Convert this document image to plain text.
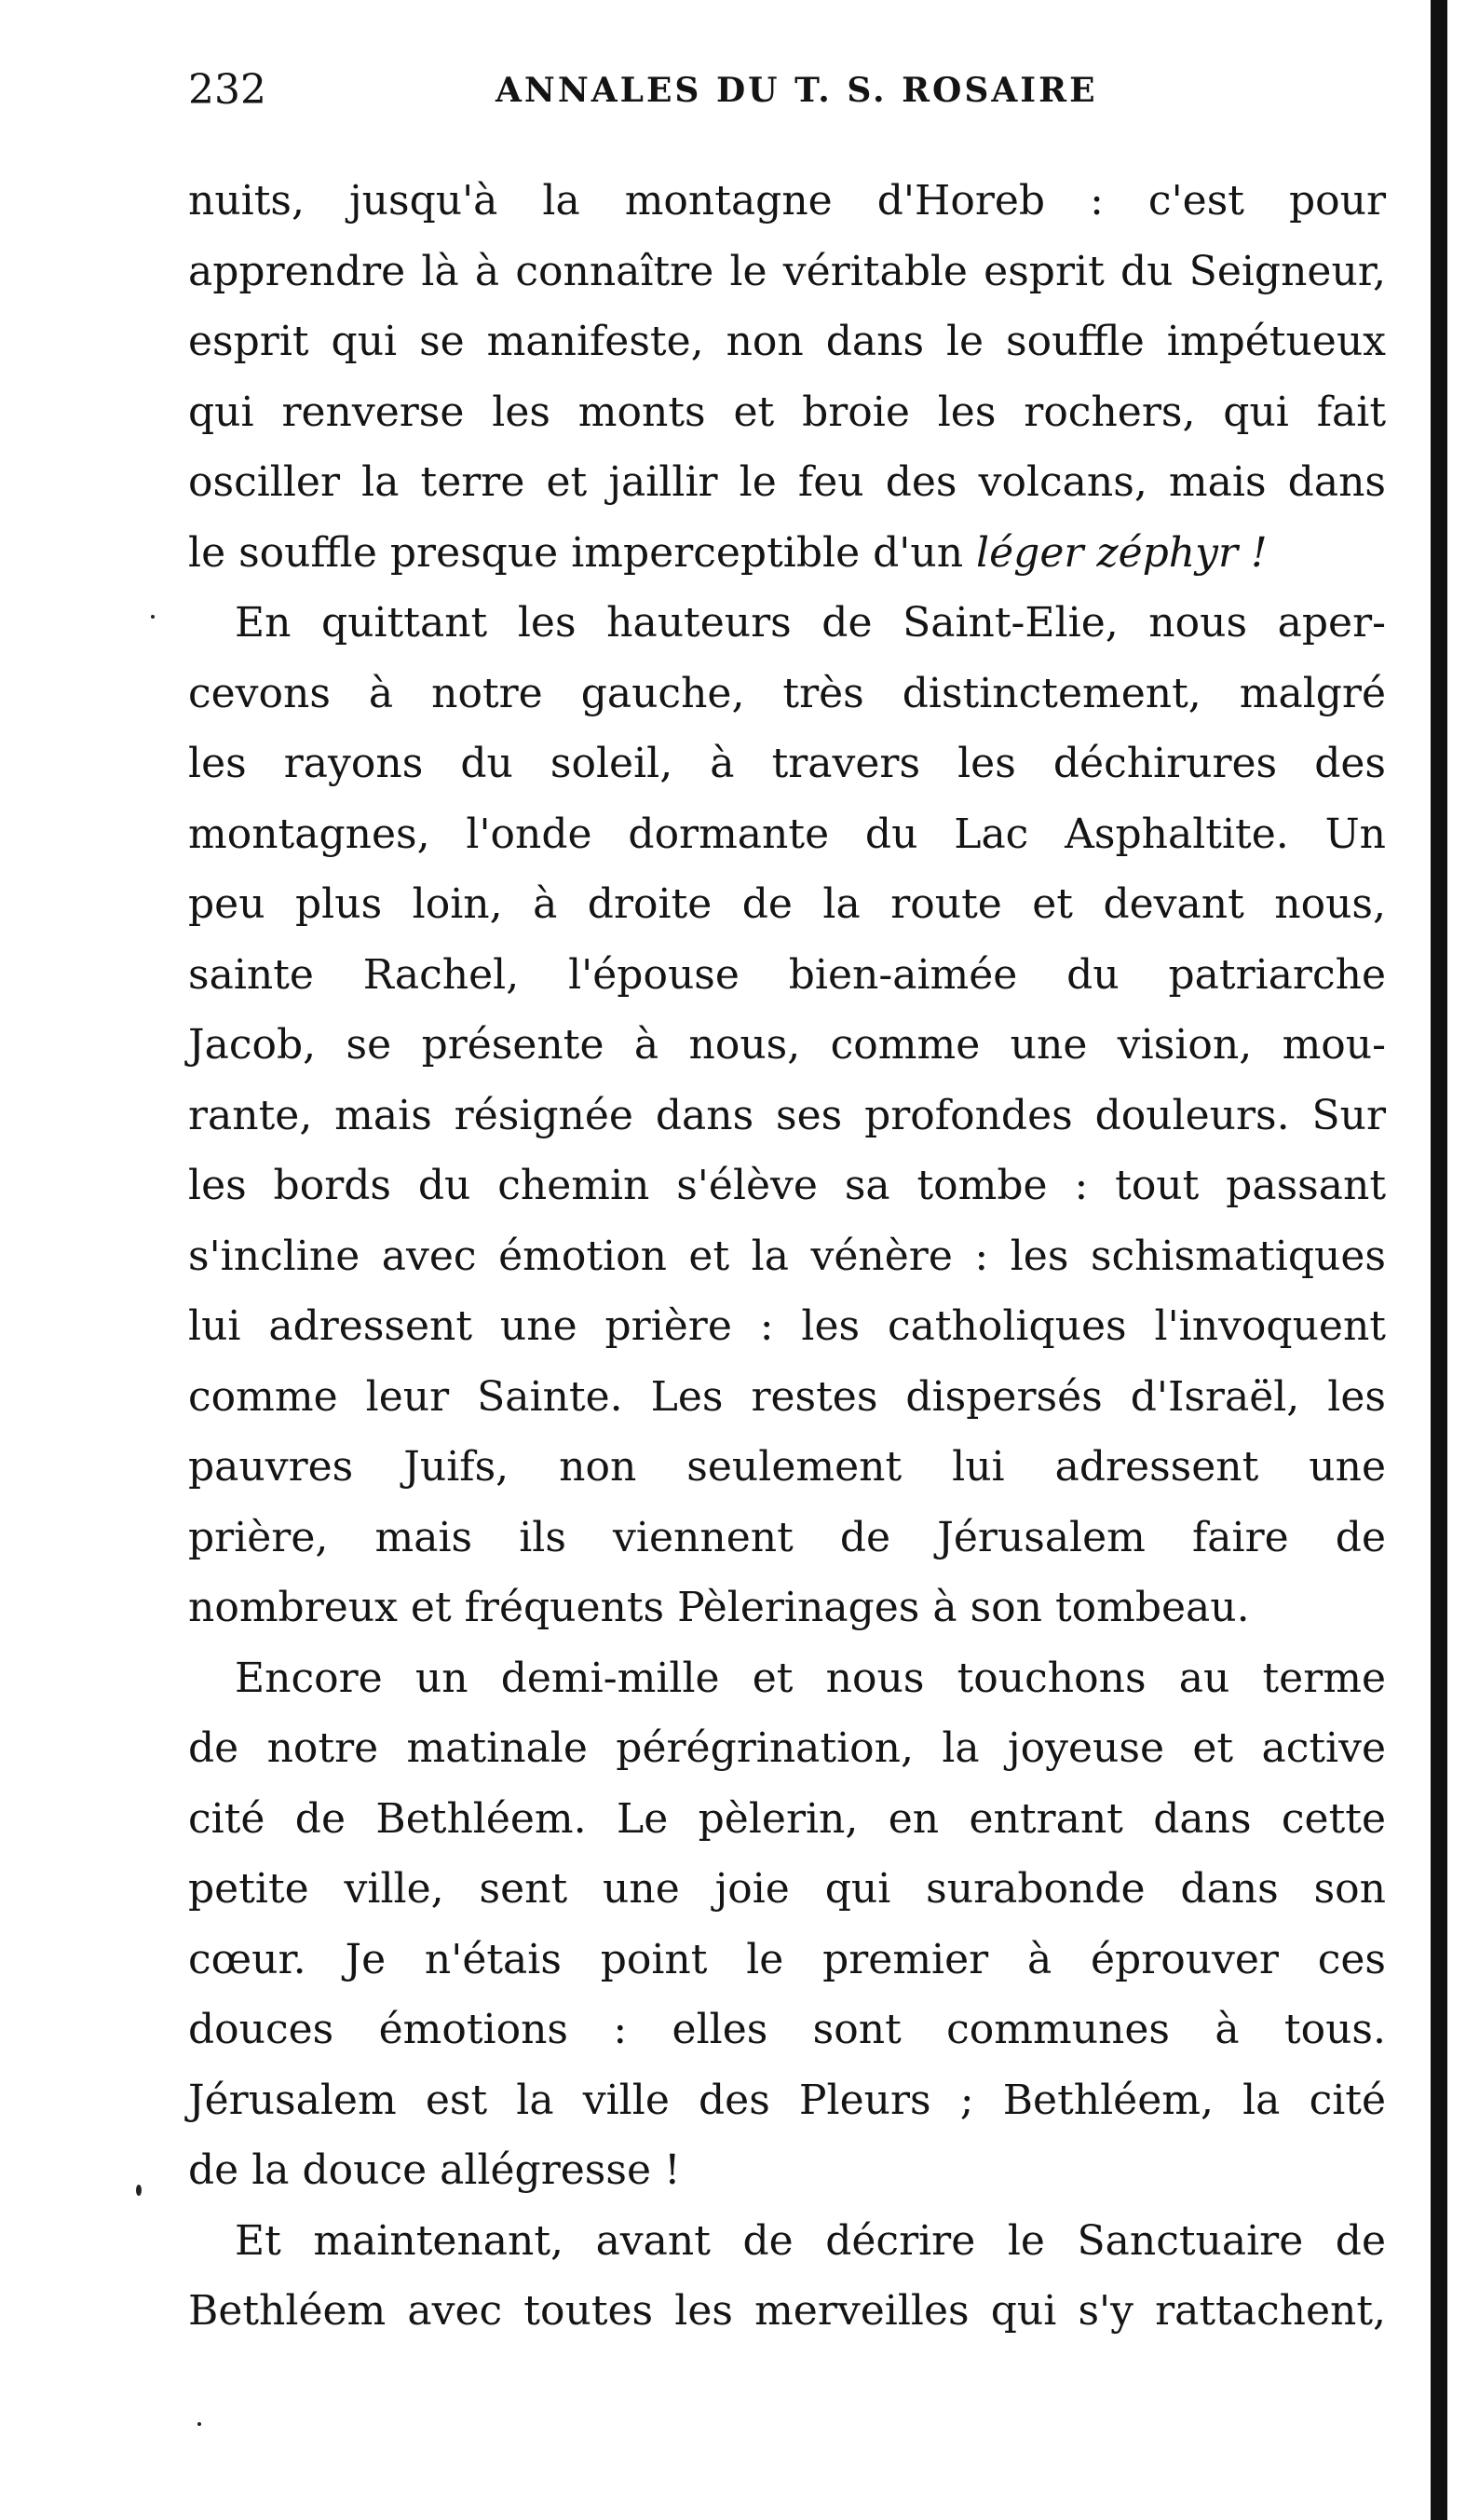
232	ANNALES DU T. S. ROSAIRE
nuits, jusqu'à la montagne d'Horeb : c'est pour
apprendre là à connaître le véritable esprit du Seigneur,
esprit qui se manifeste, non dans le souffle impétueux
qui renverse les monts et broie les rochers, qui fait
osciller la terre et jaillir le feu des volcans, mais dans
le souffle presque imperceptible d'un léger zéphyr !
En quittant les hauteurs de Saint-Elie, nous aper-
cevons à notre gauche, très distinctement, malgré
les rayons du soleil, à travers les déchirures des
montagnes, l'onde dormante du Lac Asphaltite. Un
peu plus loin, à droite de la route et devant nous,
sainte Rachel, l'épouse bien-aimée du patriarche
Jacob, se présente à nous, comme une vision, mou-
rante, mais résignée dans ses profondes douleurs. Sur
les bords du chemin s'élève sa tombe : tout passant
s'incline avec émotion et la vénère : les schismatiques
lui adressent une prière : les catholiques l'invoquent
comme leur Sainte. Les restes dispersés d'Israël, les
pauvres Juifs, non seulement lui adressent une
prière, mais ils viennent de Jérusalem faire de
nombreux et fréquents Pèlerinages à son tombeau.
Encore un demi-mille et nous touchons au terme
de notre matinale pérégrination, la joyeuse et active
cité de Bethléem. Le pèlerin, en entrant dans cette
petite ville, sent une joie qui surabonde dans son
cœur. Je n'étais point le premier à éprouver ces
douces émotions : elles sont communes à tous.
Jérusalem est la ville des Pleurs ; Bethléem, la cité
de la douce allégresse !
Et maintenant, avant de décrire le Sanctuaire de
Bethléem avec toutes les merveilles qui s'y rattachent,
